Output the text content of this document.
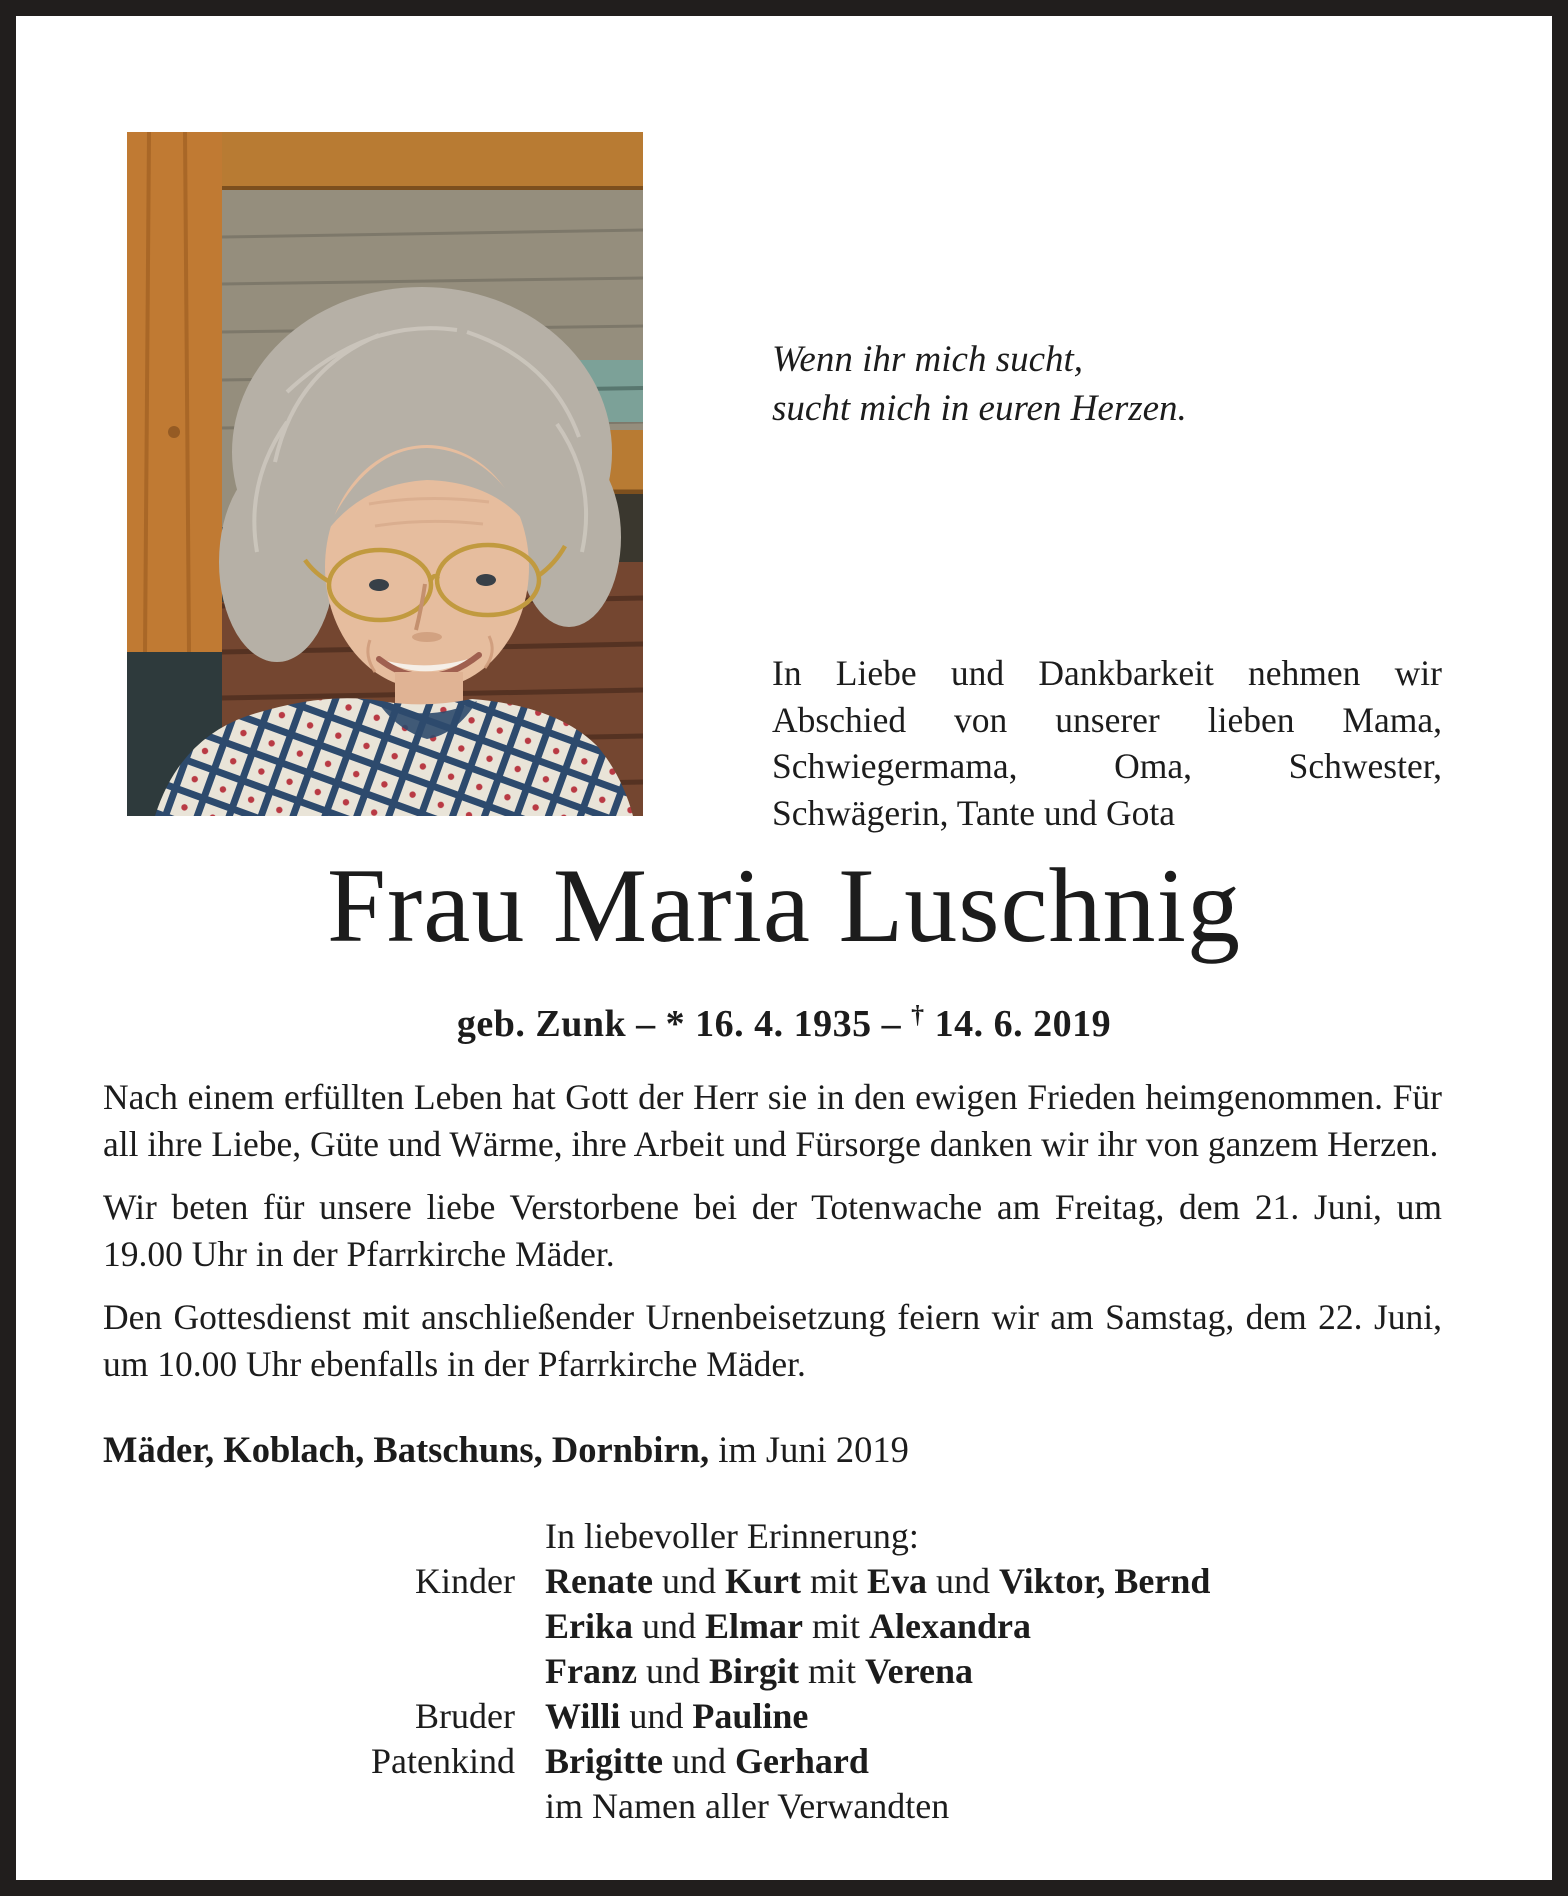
Wenn ihr mich sucht,
sucht mich in euren Herzen.
In Liebe und Dankbarkeit nehmen wir Abschied von unserer lieben Mama, Schwiegermama, Oma, Schwester, Schwägerin, Tante und Gota
Frau Maria Luschnig
geb. Zunk – * 16. 4. 1935 – † 14. 6. 2019

Nach einem erfüllten Leben hat Gott der Herr sie in den ewigen Frieden heimgenommen. Für all ihre Liebe, Güte und Wärme, ihre Arbeit und Fürsorge danken wir ihr von ganzem Herzen.

Wir beten für unsere liebe Verstorbene bei der Totenwache am Freitag, dem 21. Juni, um 19.00 Uhr in der Pfarrkirche Mäder.

Den Gottesdienst mit anschließender Urnenbeisetzung feiern wir am Samstag, dem 22. Juni, um 10.00 Uhr ebenfalls in der Pfarrkirche Mäder.

Mäder, Koblach, Batschuns, Dornbirn, im Juni 2019
In liebevoller Erinnerung:
Kinder Renate und Kurt mit Eva und Viktor, Bernd
Erika und Elmar mit Alexandra
Franz und Birgit mit Verena
Bruder Willi und Pauline
Patenkind Brigitte und Gerhard
im Namen aller Verwandten
